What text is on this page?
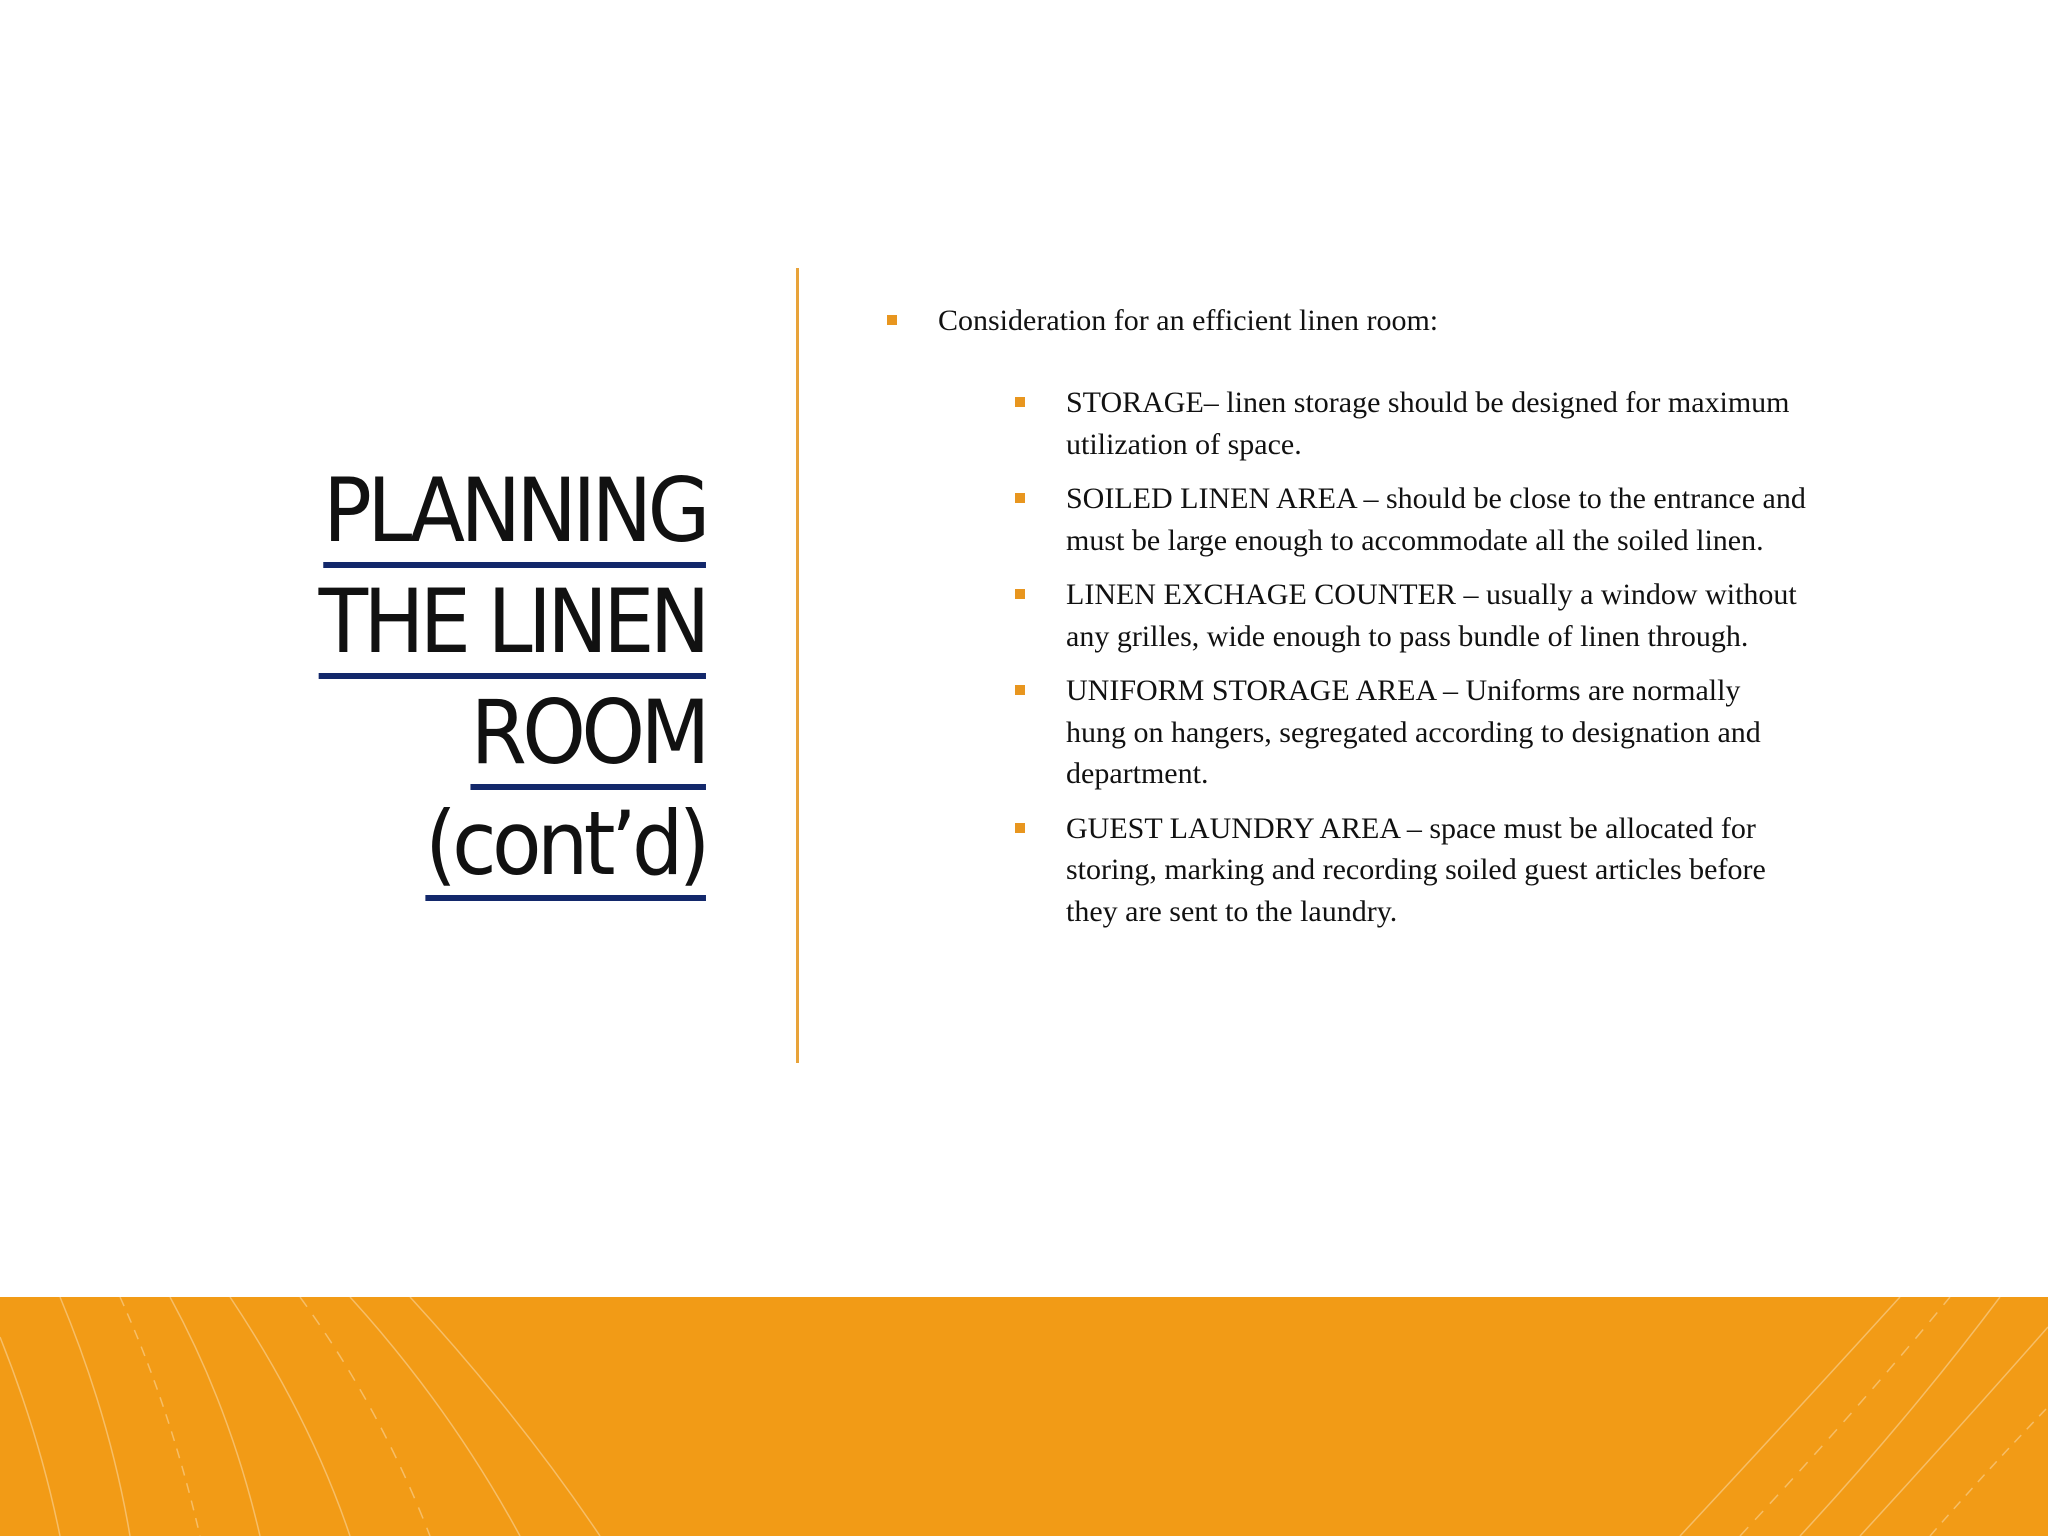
PLANNING
THE LINEN
ROOM
(cont’d)
Consideration for an efficient linen room:
STORAGE– linen storage should be designed for maximum utilization of space.
SOILED LINEN AREA – should be close to the entrance and must be large enough to accommodate all the soiled linen.
LINEN EXCHAGE COUNTER – usually a window without any grilles, wide enough to pass bundle of linen through.
UNIFORM STORAGE AREA – Uniforms are normally hung on hangers, segregated according to designation and department.
GUEST LAUNDRY AREA – space must be allocated for storing, marking and recording soiled guest articles before they are sent to the laundry.
